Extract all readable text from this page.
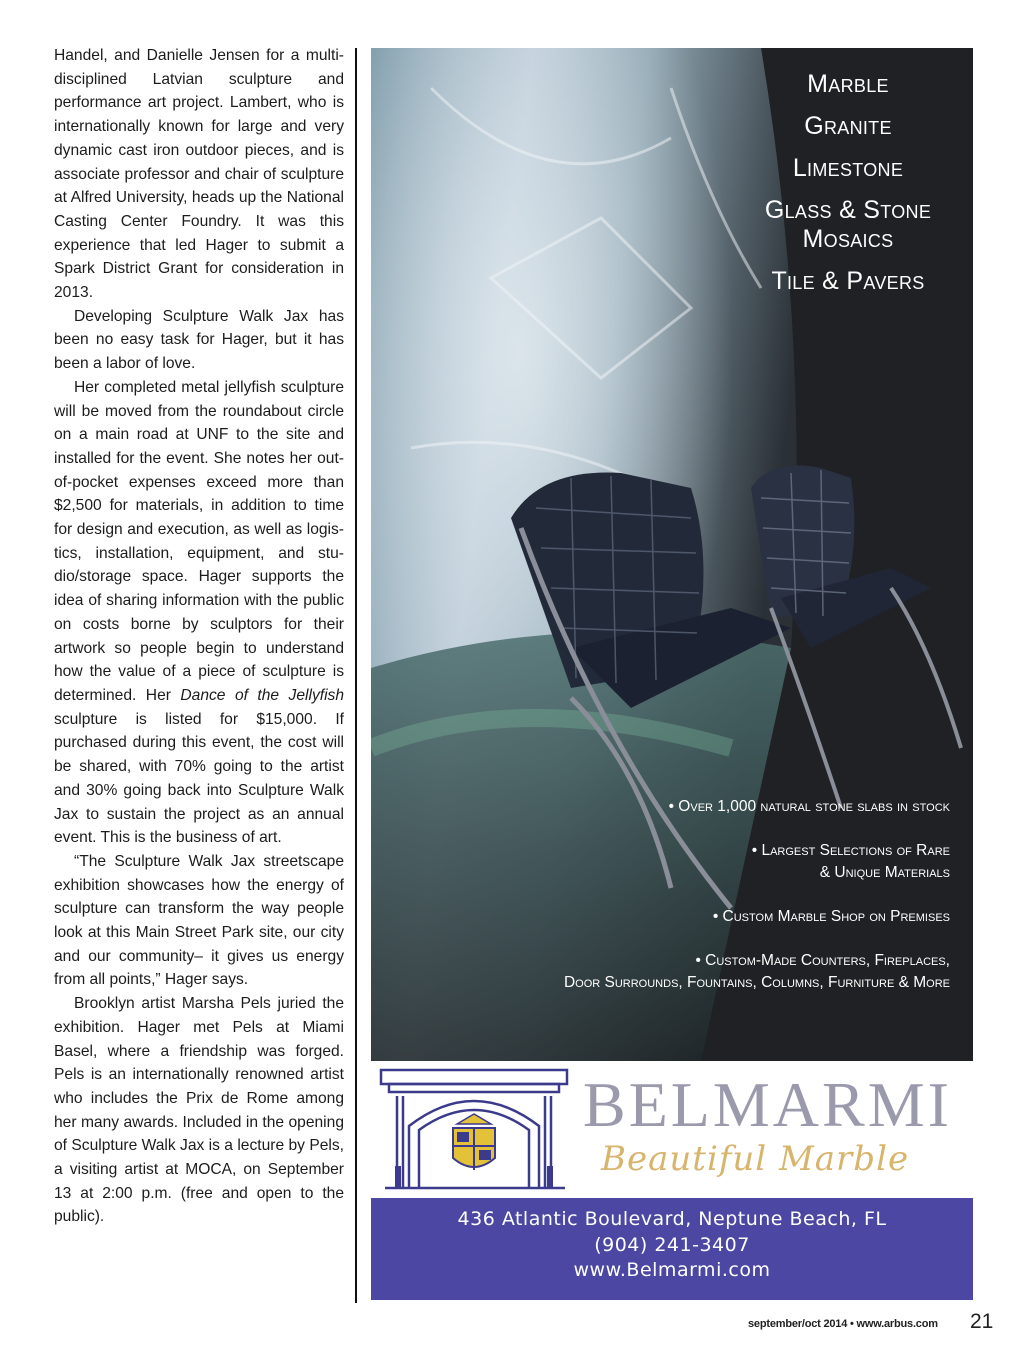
Handel, and Danielle Jensen for a multi-disciplined Latvian sculpture and performance art project. Lambert, who is internationally known for large and very dynamic cast iron outdoor pieces, and is associate professor and chair of sculpture at Alfred University, heads up the National Casting Center Foundry. It was this experience that led Hager to submit a Spark District Grant for consideration in 2013.

Developing Sculpture Walk Jax has been no easy task for Hager, but it has been a labor of love.

Her completed metal jellyfish sculpture will be moved from the roundabout circle on a main road at UNF to the site and installed for the event. She notes her out-of-pocket expenses exceed more than $2,500 for materials, in addition to time for design and execution, as well as logistics, installation, equipment, and studio/storage space. Hager supports the idea of sharing information with the public on costs borne by sculptors for their artwork so people begin to understand how the value of a piece of sculpture is determined. Her Dance of the Jellyfish sculpture is listed for $15,000. If purchased during this event, the cost will be shared, with 70% going to the artist and 30% going back into Sculpture Walk Jax to sustain the project as an annual event. This is the business of art.

“The Sculpture Walk Jax streetscape exhibition showcases how the energy of sculpture can transform the way people look at this Main Street Park site, our city and our community– it gives us energy from all points,” Hager says.

Brooklyn artist Marsha Pels juried the exhibition. Hager met Pels at Miami Basel, where a friendship was forged. Pels is an internationally renowned artist who includes the Prix de Rome among her many awards. Included in the opening of Sculpture Walk Jax is a lecture by Pels, a visiting artist at MOCA, on September 13 at 2:00 p.m. (free and open to the public).

Marble
Granite
Limestone
Glass & Stone
Mosaics
Tile & Pavers
• Over 1,000 natural stone slabs in stock
• Largest Selections of Rare
& Unique Materials
• Custom Marble Shop on Premises
• Custom-Made Counters, Fireplaces,
Door Surrounds, Fountains, Columns, Furniture & More
BELMARMI
Beautiful Marble
436 Atlantic Boulevard, Neptune Beach, FL
(904) 241-3407
www.Belmarmi.com
september/oct 2014 • www.arbus.com 21
